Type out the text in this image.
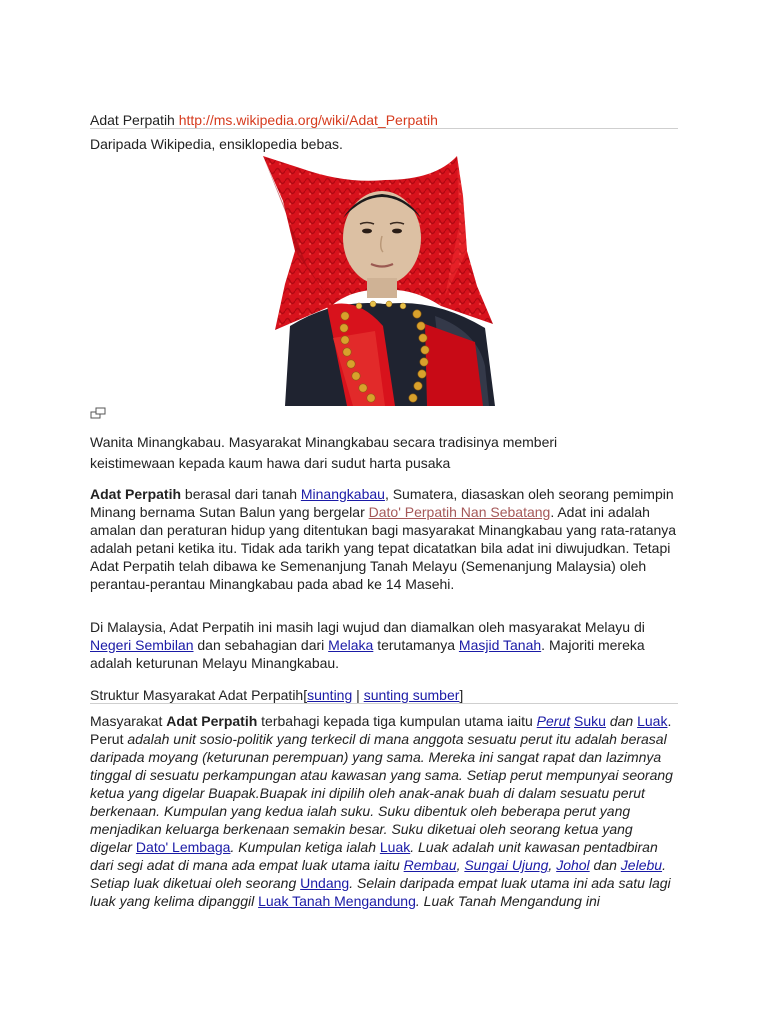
Adat Perpatih http://ms.wikipedia.org/wiki/Adat_Perpatih
Daripada Wikipedia, ensiklopedia bebas.
Wanita Minangkabau. Masyarakat Minangkabau secara tradisinya memberi
keistimewaan kepada kaum hawa dari sudut harta pusaka

Adat Perpatih berasal dari tanah Minangkabau, Sumatera, diasaskan oleh seorang pemimpin Minang bernama Sutan Balun yang bergelar Dato' Perpatih Nan Sebatang. Adat ini adalah amalan dan peraturan hidup yang ditentukan bagi masyarakat Minangkabau yang rata-ratanya adalah petani ketika itu. Tidak ada tarikh yang tepat dicatatkan bila adat ini diwujudkan. Tetapi Adat Perpatih telah dibawa ke Semenanjung Tanah Melayu (Semenanjung Malaysia) oleh perantau-perantau Minangkabau pada abad ke 14 Masehi.

Di Malaysia, Adat Perpatih ini masih lagi wujud dan diamalkan oleh masyarakat Melayu di Negeri Sembilan dan sebahagian dari Melaka terutamanya Masjid Tanah. Majoriti mereka adalah keturunan Melayu Minangkabau.

Struktur Masyarakat Adat Perpatih[sunting | sunting sumber]

Masyarakat Adat Perpatih terbahagi kepada tiga kumpulan utama iaitu Perut Suku dan Luak. Perut adalah unit sosio-politik yang terkecil di mana anggota sesuatu perut itu adalah berasal daripada moyang (keturunan perempuan) yang sama. Mereka ini sangat rapat dan lazimnya tinggal di sesuatu perkampungan atau kawasan yang sama. Setiap perut mempunyai seorang ketua yang digelar Buapak.Buapak ini dipilih oleh anak-anak buah di dalam sesuatu perut berkenaan. Kumpulan yang kedua ialah suku. Suku dibentuk oleh beberapa perut yang menjadikan keluarga berkenaan semakin besar. Suku diketuai oleh seorang ketua yang digelar Dato' Lembaga. Kumpulan ketiga ialah Luak. Luak adalah unit kawasan pentadbiran dari segi adat di mana ada empat luak utama iaitu Rembau, Sungai Ujung, Johol dan Jelebu. Setiap luak diketuai oleh seorang Undang. Selain daripada empat luak utama ini ada satu lagi luak yang kelima dipanggil Luak Tanah Mengandung. Luak Tanah Mengandung ini
